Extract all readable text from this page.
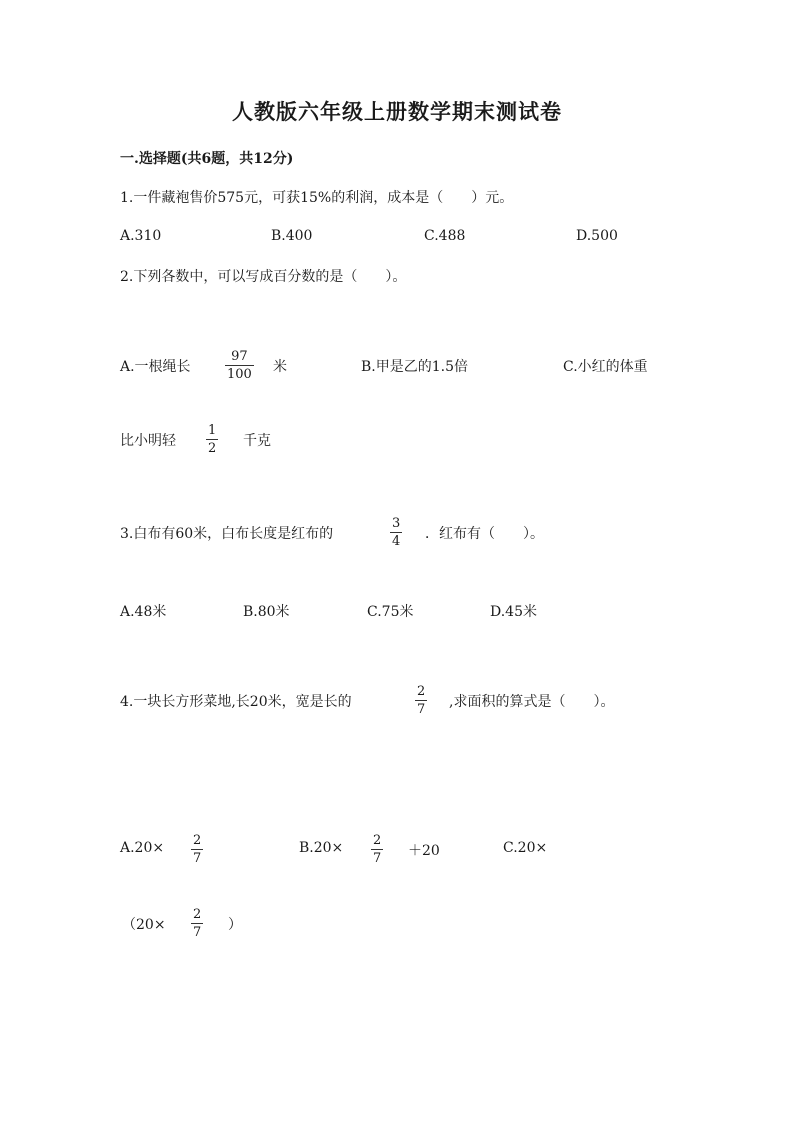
人教版六年级上册数学期末测试卷
一.选择题(共6题，共12分)
1.一件藏袍售价575元，可获15%的利润，成本是（　　）元。
A.310	B.400	C.488	D.500
2.下列各数中，可以写成百分数的是（　　）。
A.一根绳长
97
100 米	B.甲是乙的1.5倍	C.小红的体重
比小明轻
1
2 千克
3.白布有60米，白布长度是红布的
3
4 ．红布有（　　）。
A.48米	B.80米	C.75米	D.45米
4.一块长方形菜地,长20米，宽是长的
2
7 ,求面积的算式是（　　）。
A.20× 2
7
B.20× 2
7 ＋20	C.20×
（20×
2
7 ）
